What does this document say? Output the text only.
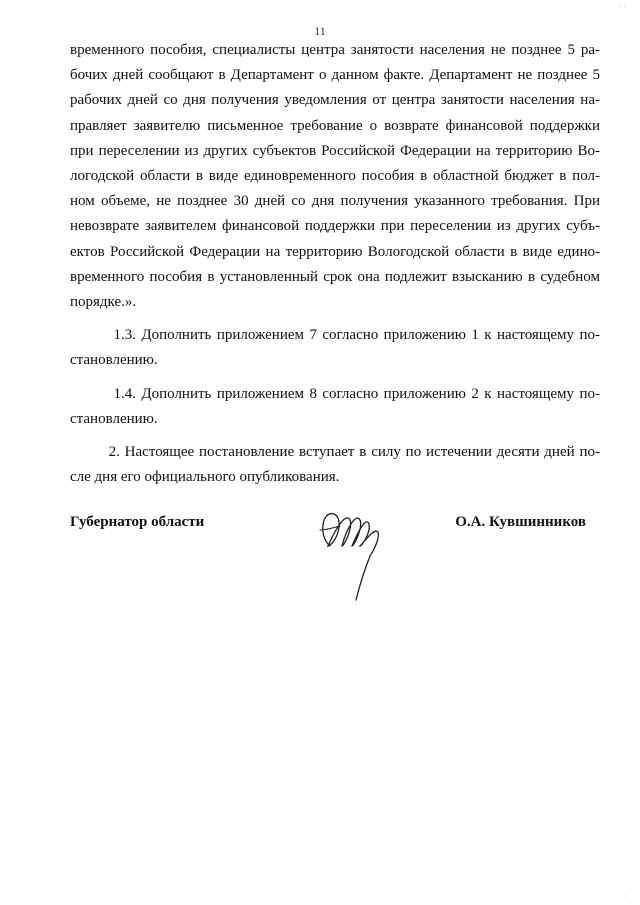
11
временного пособия, специалисты центра занятости населения не позднее 5 ра-
бочих дней сообщают в Департамент о данном факте. Департамент не позднее 5
рабочих дней со дня получения уведомления от центра занятости населения на-
правляет заявителю письменное требование о возврате финансовой поддержки
при переселении из других субъектов Российской Федерации на территорию Во-
логодской области в виде единовременного пособия в областной бюджет в пол-
ном объеме, не позднее 30 дней со дня получения указанного требования. При
невозврате заявителем финансовой поддержки при переселении из других субъ-
ектов Российской Федерации на территорию Вологодской области в виде едино-
временного пособия в установленный срок она подлежит взысканию в судебном
порядке.».
1.3. Дополнить приложением 7 согласно приложению 1 к настоящему по-
становлению.
1.4. Дополнить приложением 8 согласно приложению 2 к настоящему по-
становлению.
2. Настоящее постановление вступает в силу по истечении десяти дней по-
сле дня его официального опубликования.
Губернатор области	О.А. Кувшинников
· ·
· ·
